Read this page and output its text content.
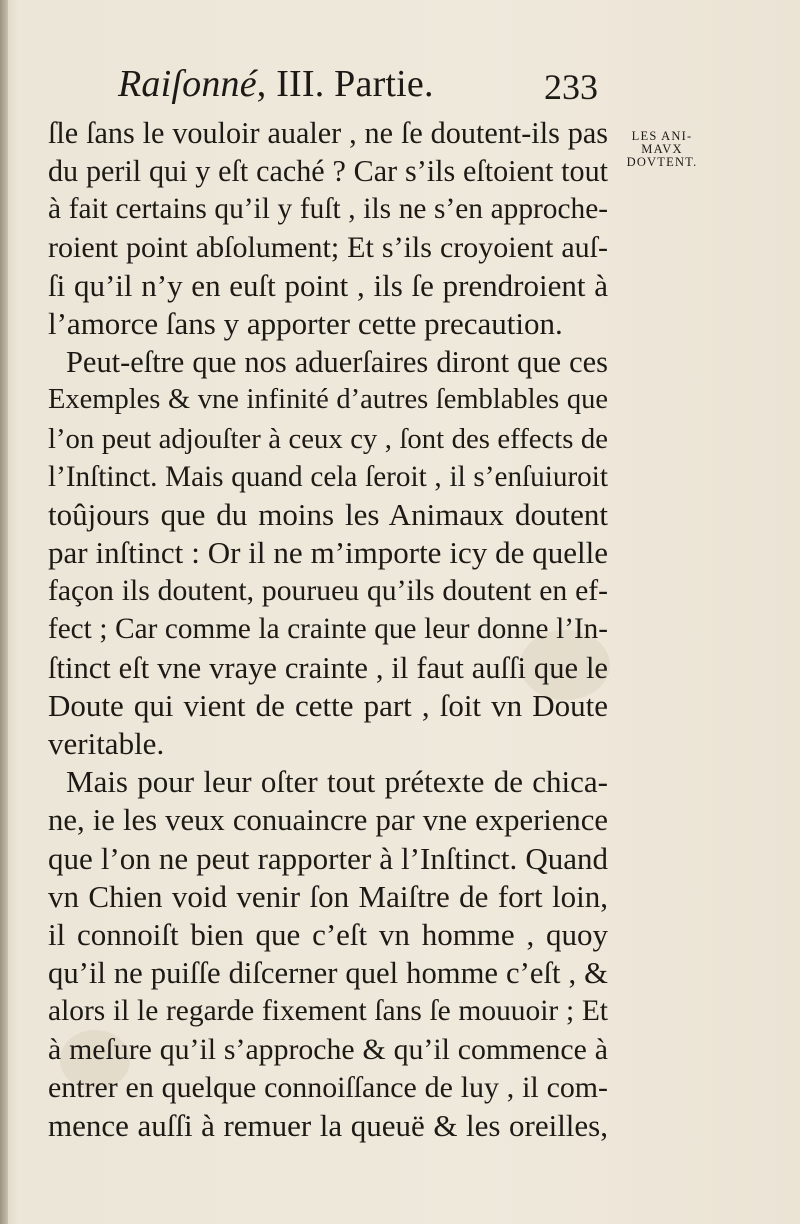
Raiſonné, III. Partie.	233
LES ANI-
MAVX
DOVTENT.
ſle ſans le vouloir aualer , ne ſe doutent-ils pas
du peril qui y eſt caché ? Car s’ils eſtoient tout
à fait certains qu’il y fuſt , ils ne s’en approche-
roient point abſolument; Et s’ils croyoient auſ-
ſi qu’il n’y en euſt point , ils ſe prendroient à
l’amorce ſans y apporter cette precaution.
Peut-eſtre que nos aduerſaires diront que ces
Exemples & vne infinité d’autres ſemblables que
l’on peut adjouſter à ceux cy , ſont des effects de
l’Inſtinct. Mais quand cela ſeroit , il s’enſuiuroit
toûjours que du moins les Animaux doutent
par inſtinct : Or il ne m’importe icy de quelle
façon ils doutent, pourueu qu’ils doutent en ef-
fect ; Car comme la crainte que leur donne l’In-
ſtinct eſt vne vraye crainte , il faut auſſi que le
Doute qui vient de cette part , ſoit vn Doute
veritable.
Mais pour leur oſter tout prétexte de chica-
ne, ie les veux conuaincre par vne experience
que l’on ne peut rapporter à l’Inſtinct. Quand
vn Chien void venir ſon Maiſtre de fort loin,
il connoiſt bien que c’eſt vn homme , quoy
qu’il ne puiſſe diſcerner quel homme c’eſt , &
alors il le regarde fixement ſans ſe mouuoir ; Et
à meſure qu’il s’approche & qu’il commence à
entrer en quelque connoiſſance de luy , il com-
mence auſſi à remuer la queuë & les oreilles,
